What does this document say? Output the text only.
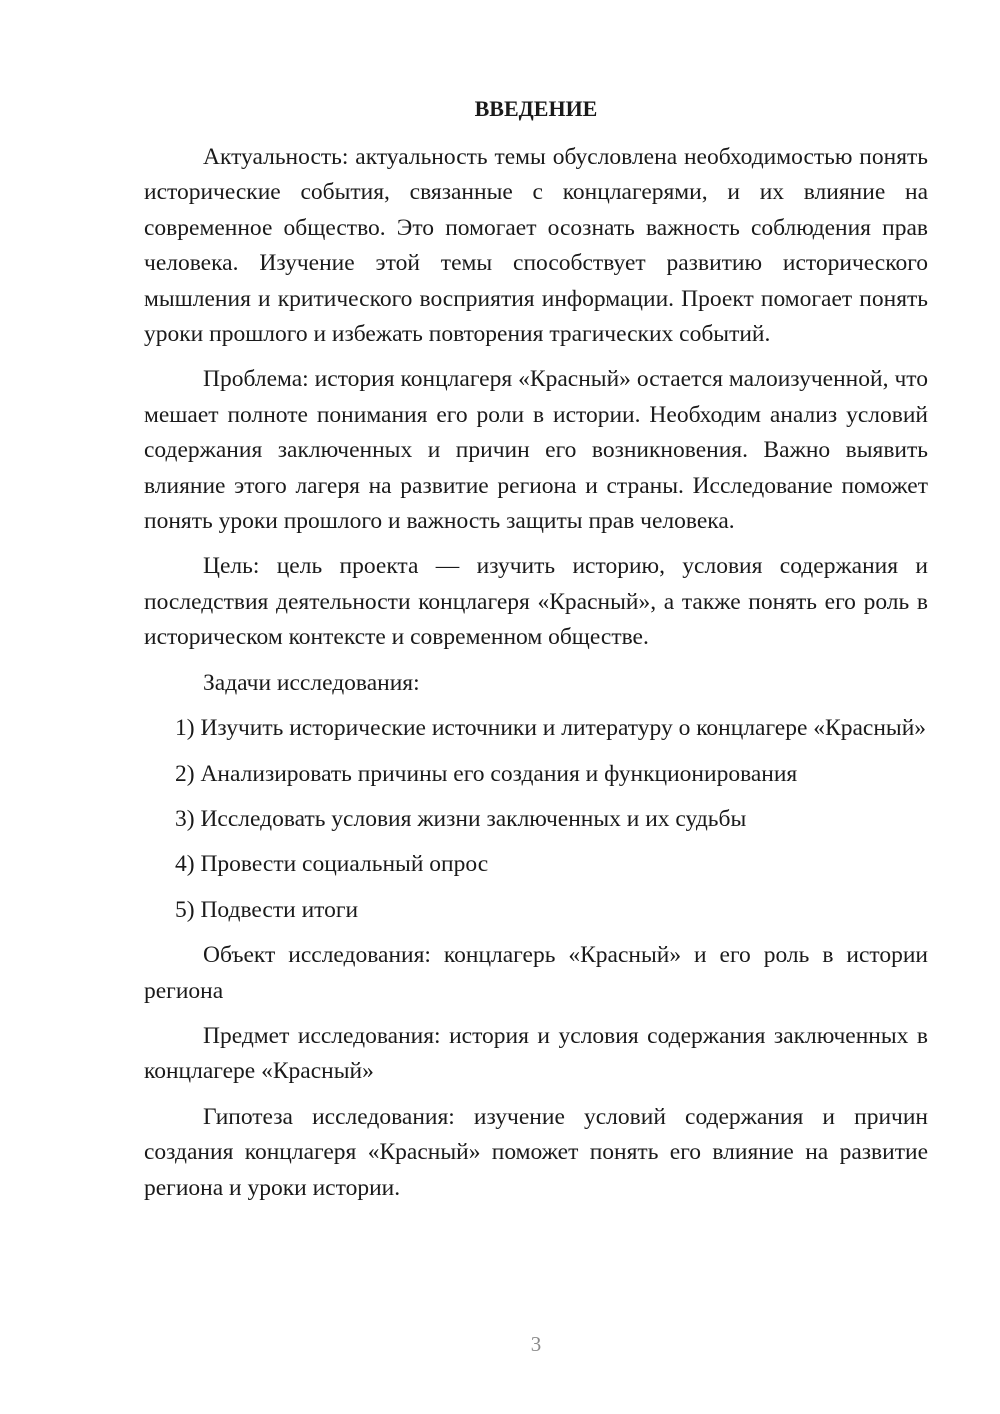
ВВЕДЕНИЕ

Актуальность: актуальность темы обусловлена необходимостью понять исторические события, связанные с концлагерями, и их влияние на современное общество. Это помогает осознать важность соблюдения прав человека. Изучение этой темы способствует развитию исторического мышления и критического восприятия информации. Проект помогает понять уроки прошлого и избежать повторения трагических событий.

Проблема: история концлагеря «Красный» остается малоизученной, что мешает полноте понимания его роли в истории. Необходим анализ условий содержания заключенных и причин его возникновения. Важно выявить влияние этого лагеря на развитие региона и страны. Исследование поможет понять уроки прошлого и важность защиты прав человека.

Цель: цель проекта — изучить историю, условия содержания и последствия деятельности концлагеря «Красный», а также понять его роль в историческом контексте и современном обществе.

Задачи исследования:

1) Изучить исторические источники и литературу о концлагере «Красный»

2) Анализировать причины его создания и функционирования

3) Исследовать условия жизни заключенных и их судьбы

4) Провести социальный опрос

5) Подвести итоги

Объект исследования: концлагерь «Красный» и его роль в истории региона

Предмет исследования: история и условия содержания заключенных в концлагере «Красный»

Гипотеза исследования: изучение условий содержания и причин создания концлагеря «Красный» поможет понять его влияние на развитие региона и уроки истории.

3
